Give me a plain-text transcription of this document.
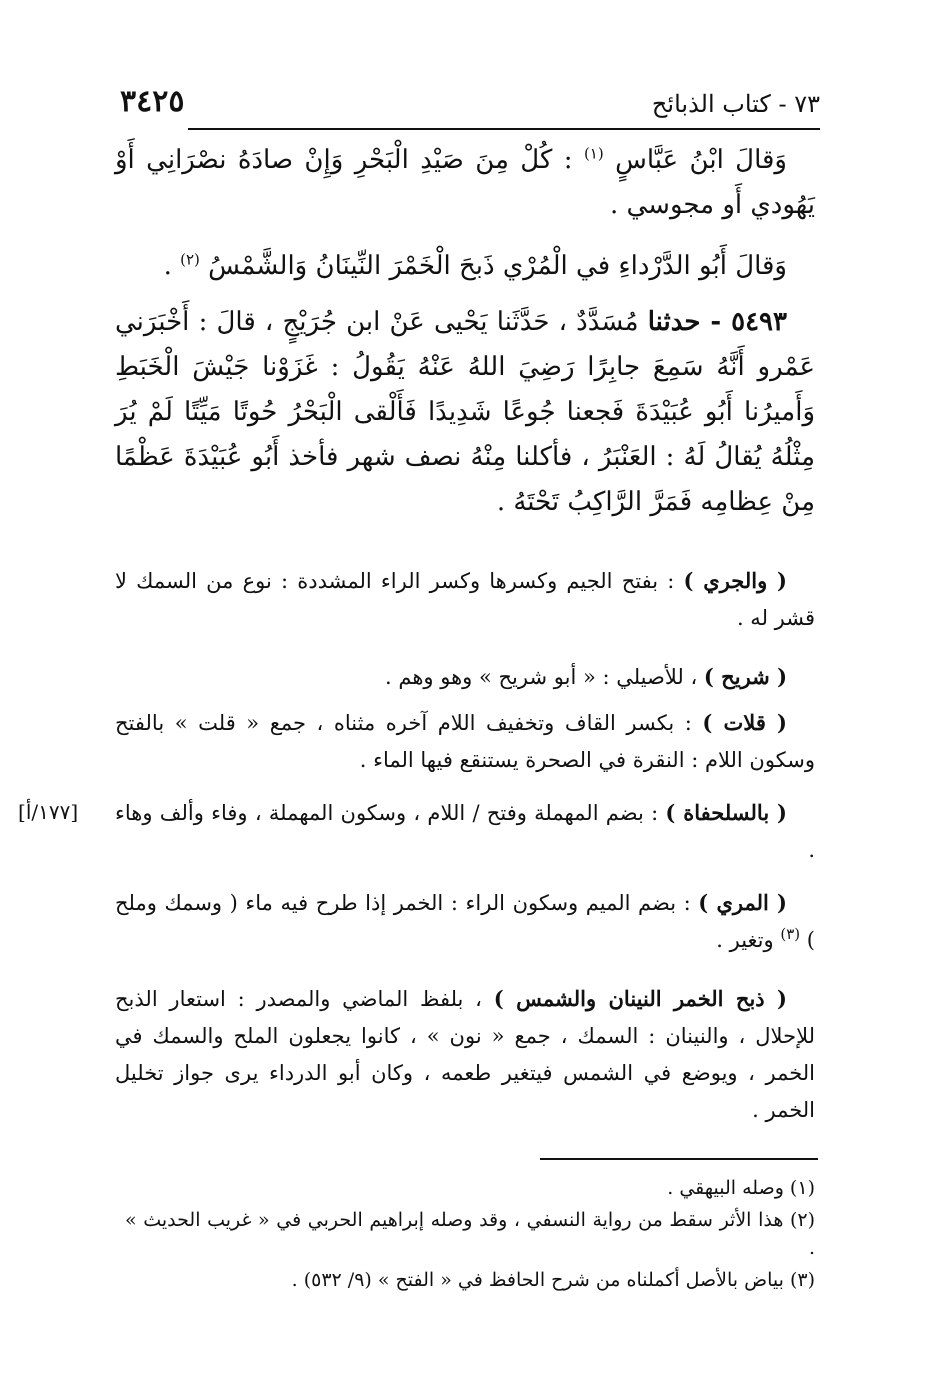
٧٣ - كتاب الذبائح
٣٤٢٥

وَقالَ ابْنُ عَبَّاسٍ $^{(١)}$ : كُلْ مِنَ صَيْدِ الْبَحْرِ وَإِنْ صادَهُ نصْرَانِي أَوْ يَهُودي أَو مجوسي .

وَقالَ أَبُو الدَّرْداءِ في الْمُرْي ذَبحَ الْخَمْرَ النِّينَانُ وَالشَّمْسُ $^{(٢)}$ .

٥٤٩٣ - حدثنا مُسَدَّدٌ ، حَدَّثَنا يَحْيى عَنْ ابن جُرَيْجٍ ، قالَ : أَخْبَرَني عَمْرو أَنَّهُ سَمِعَ جابِرًا رَضِيَ اللهُ عَنْهُ يَقُولُ : غَزَوْنا جَيْشَ الْخَبَطِ وَأَميرُنا أَبُو عُبَيْدَةَ فَجعنا جُوعًا شَدِيدًا فَأَلْقى الْبَحْرُ حُوتًا مَيِّتًا لَمْ يُرَ مِثْلُهُ يُقالُ لَهُ : العَنْبَرُ ، فأكلنا مِنْهُ نصف شهر فأخذ أَبُو عُبَيْدَةَ عَظْمًا مِنْ عِظامِه فَمَرَّ الرَّاكِبُ تَحْتَهُ .

( والجري ) : بفتح الجيم وكسرها وكسر الراء المشددة : نوع من السمك لا قشر له .

( شريح ) ، للأصيلي : « أبو شريح » وهو وهم .

( قلات ) : بكسر القاف وتخفيف اللام آخره مثناه ، جمع « قلت » بالفتح وسكون اللام : النقرة في الصحرة يستنقع فيها الماء .

( بالسلحفاة ) : بضم المهملة وفتح / اللام ، وسكون المهملة ، وفاء وألف وهاء .

[١٧٧/أ]

( المري ) : بضم الميم وسكون الراء : الخمر إذا طرح فيه ماء ( وسمك وملح ) $^{(٣)}$ وتغير .

( ذبح الخمر النينان والشمس ) ، بلفظ الماضي والمصدر : استعار الذبح للإحلال ، والنينان : السمك ، جمع « نون » ، كانوا يجعلون الملح والسمك في الخمر ، ويوضع في الشمس فيتغير طعمه ، وكان أبو الدرداء يرى جواز تخليل الخمر .

(١) وصله البيهقي .
(٢) هذا الأثر سقط من رواية النسفي ، وقد وصله إبراهيم الحربي في « غريب الحديث » .
(٣) بياض بالأصل أكملناه من شرح الحافظ في « الفتح » (٩/ ٥٣٢) .
